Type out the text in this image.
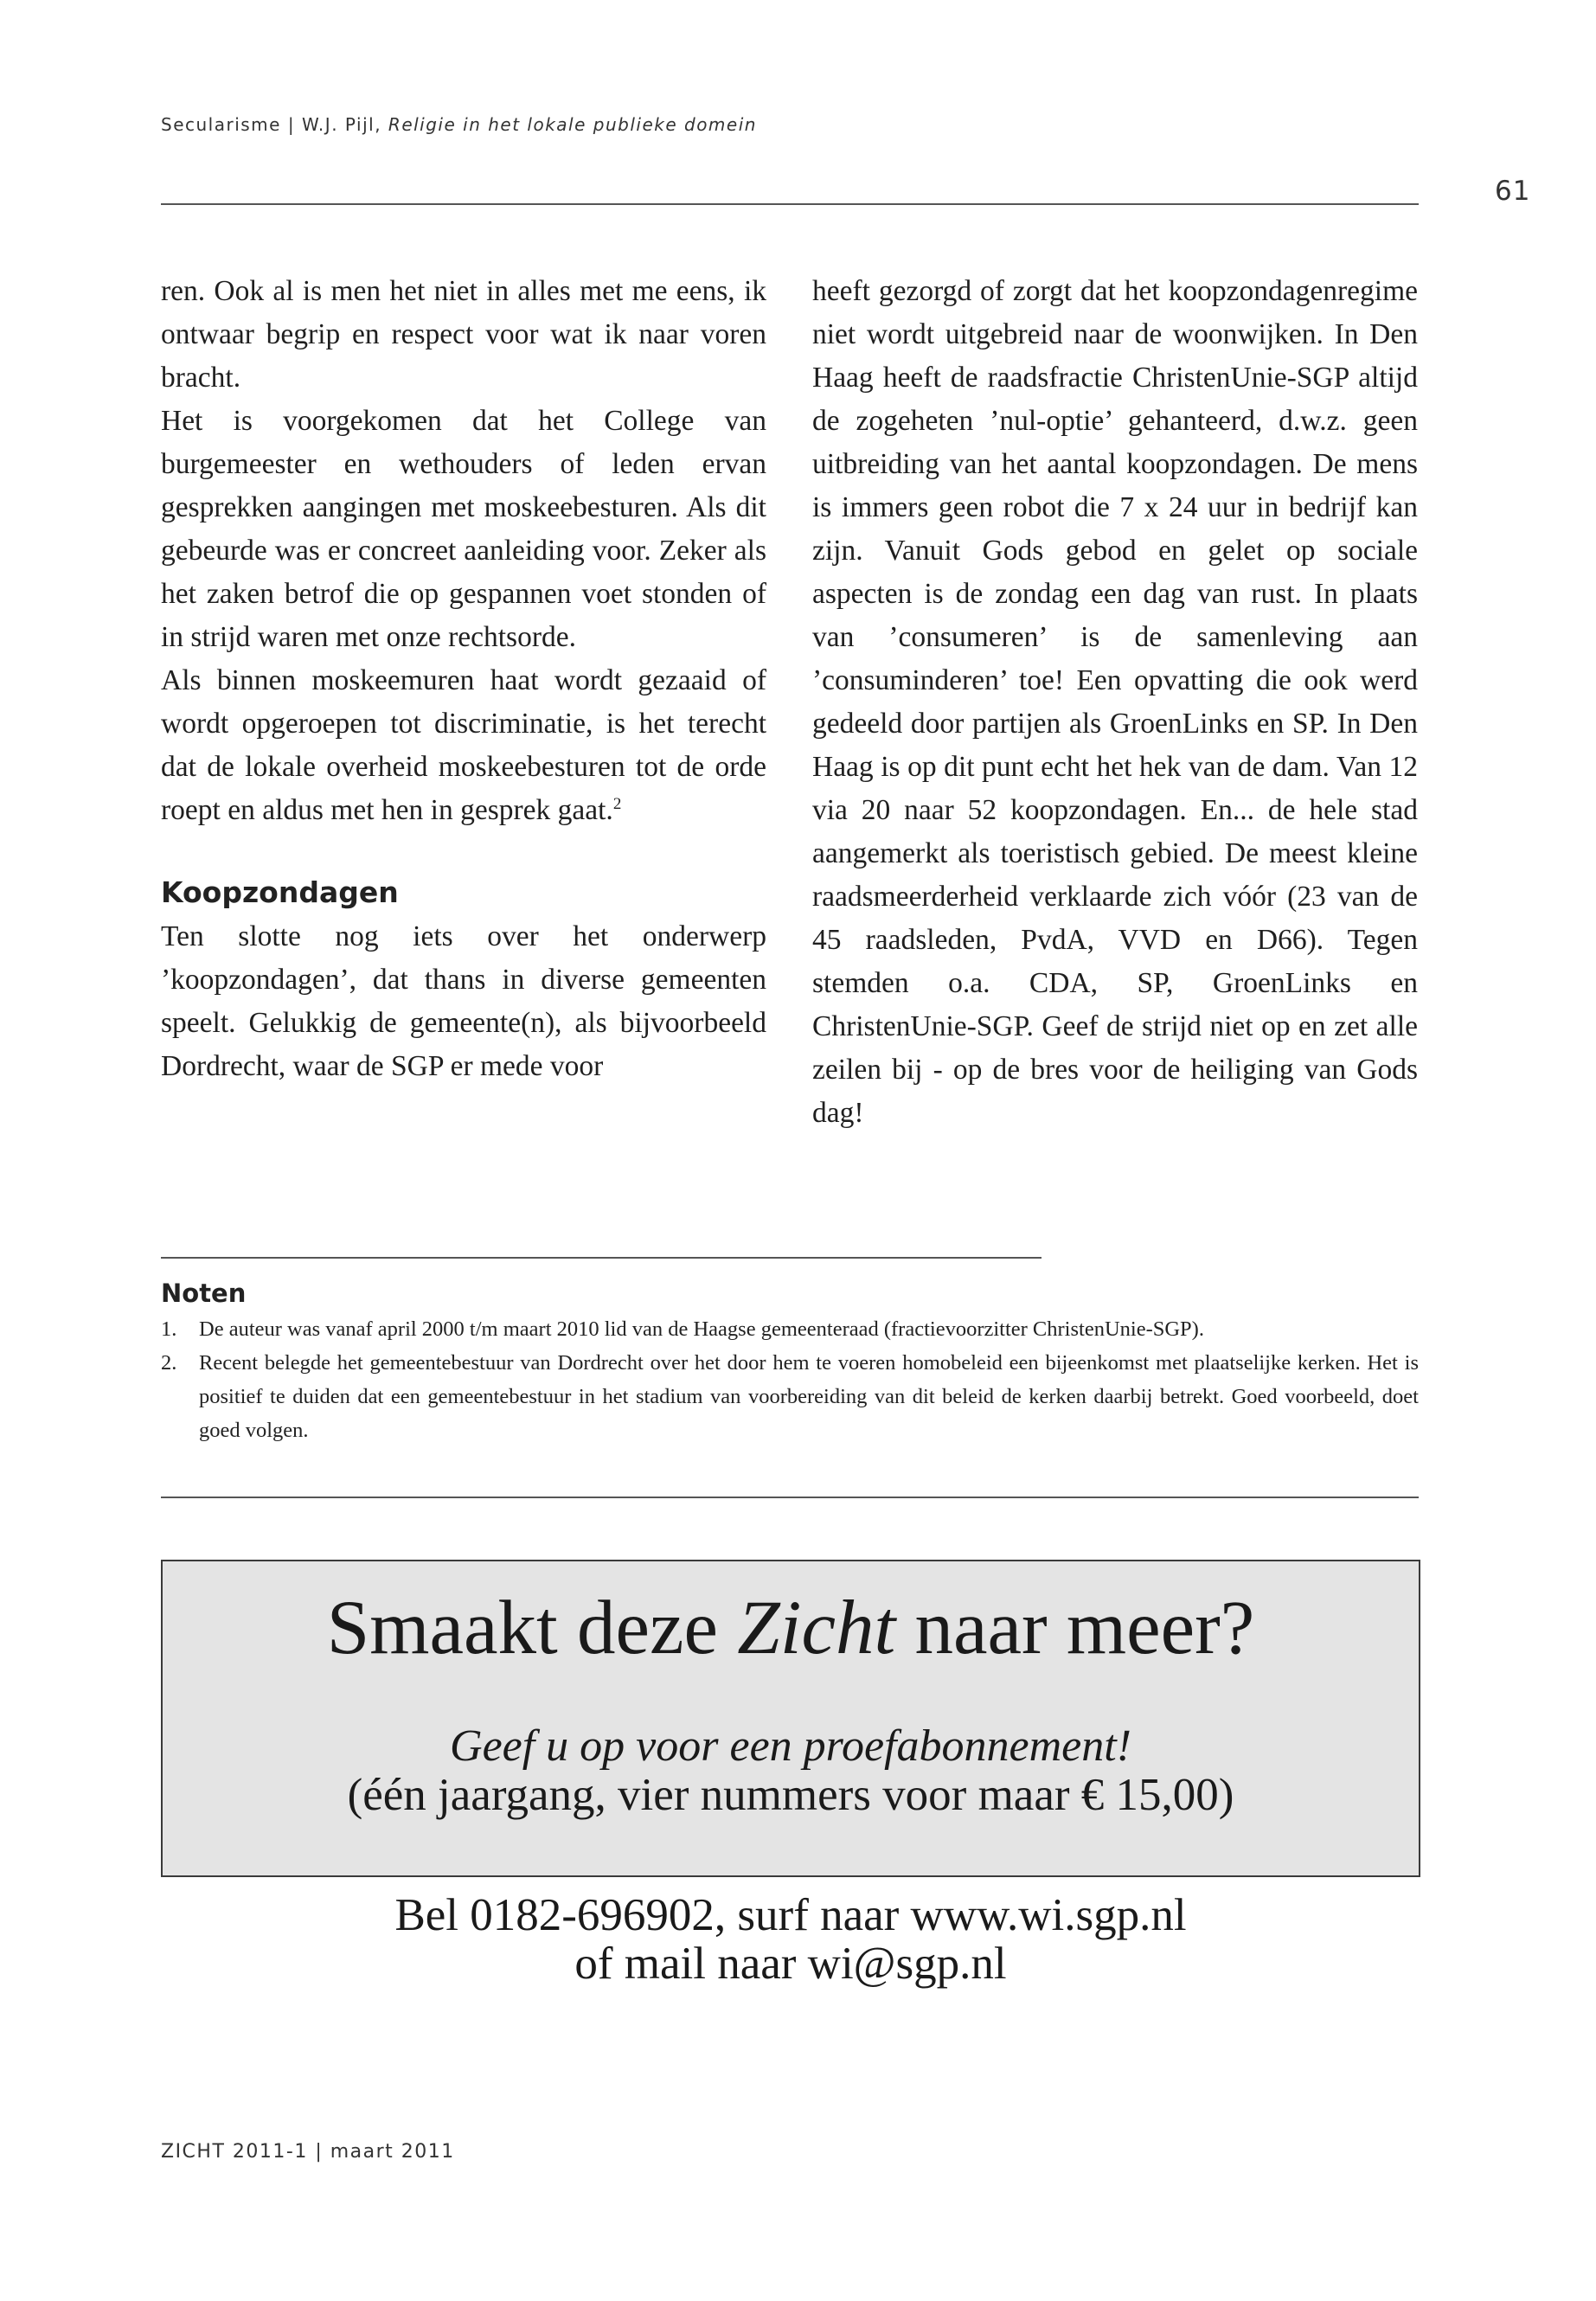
Secularisme | W.J. Pijl, Religie in het lokale publieke domein
61

ren. Ook al is men het niet in alles met me eens, ik ontwaar begrip en respect voor wat ik naar voren bracht.

Het is voorgekomen dat het College van burgemeester en wethouders of leden ervan gesprekken aangingen met moskeebesturen. Als dit gebeurde was er concreet aanleiding voor. Zeker als het zaken betrof die op gespannen voet stonden of in strijd waren met onze rechtsorde.

Als binnen moskeemuren haat wordt gezaaid of wordt opgeroepen tot discriminatie, is het terecht dat de lokale overheid moskeebesturen tot de orde roept en aldus met hen in gesprek gaat.$^2$

Koopzondagen

Ten slotte nog iets over het onderwerp ’koopzondagen’, dat thans in diverse gemeenten speelt. Gelukkig de gemeente(n), als bijvoorbeeld Dordrecht, waar de SGP er mede voor

heeft gezorgd of zorgt dat het koopzondagenregime niet wordt uitgebreid naar de woonwijken. In Den Haag heeft de raadsfractie ChristenUnie-SGP altijd de zogeheten ’nul-optie’ gehanteerd, d.w.z. geen uitbreiding van het aantal koopzondagen. De mens is immers geen robot die 7 x 24 uur in bedrijf kan zijn. Vanuit Gods gebod en gelet op sociale aspecten is de zondag een dag van rust. In plaats van ’consumeren’ is de samenleving aan ’consuminderen’ toe! Een opvatting die ook werd gedeeld door partijen als GroenLinks en SP. In Den Haag is op dit punt echt het hek van de dam. Van 12 via 20 naar 52 koopzondagen. En... de hele stad aangemerkt als toeristisch gebied. De meest kleine raadsmeerderheid verklaarde zich vóór (23 van de 45 raadsleden, PvdA, VVD en D66). Tegen stemden o.a. CDA, SP, GroenLinks en ChristenUnie-SGP. Geef de strijd niet op en zet alle zeilen bij - op de bres voor de heiliging van Gods dag!

Noten
1. De auteur was vanaf april 2000 t/m maart 2010 lid van de Haagse gemeenteraad (fractievoorzitter ChristenUnie-SGP).
2. Recent belegde het gemeentebestuur van Dordrecht over het door hem te voeren homobeleid een bijeenkomst met plaatselijke kerken. Het is positief te duiden dat een gemeentebestuur in het stadium van voorbereiding van dit beleid de kerken daarbij betrekt. Goed voorbeeld, doet goed volgen.
Smaakt deze Zicht naar meer?
Geef u op voor een proefabonnement!
(één jaargang, vier nummers voor maar € 15,00)
Bel 0182-696902, surf naar www.wi.sgp.nl
of mail naar wi@sgp.nl
ZICHT 2011-1 | maart 2011
